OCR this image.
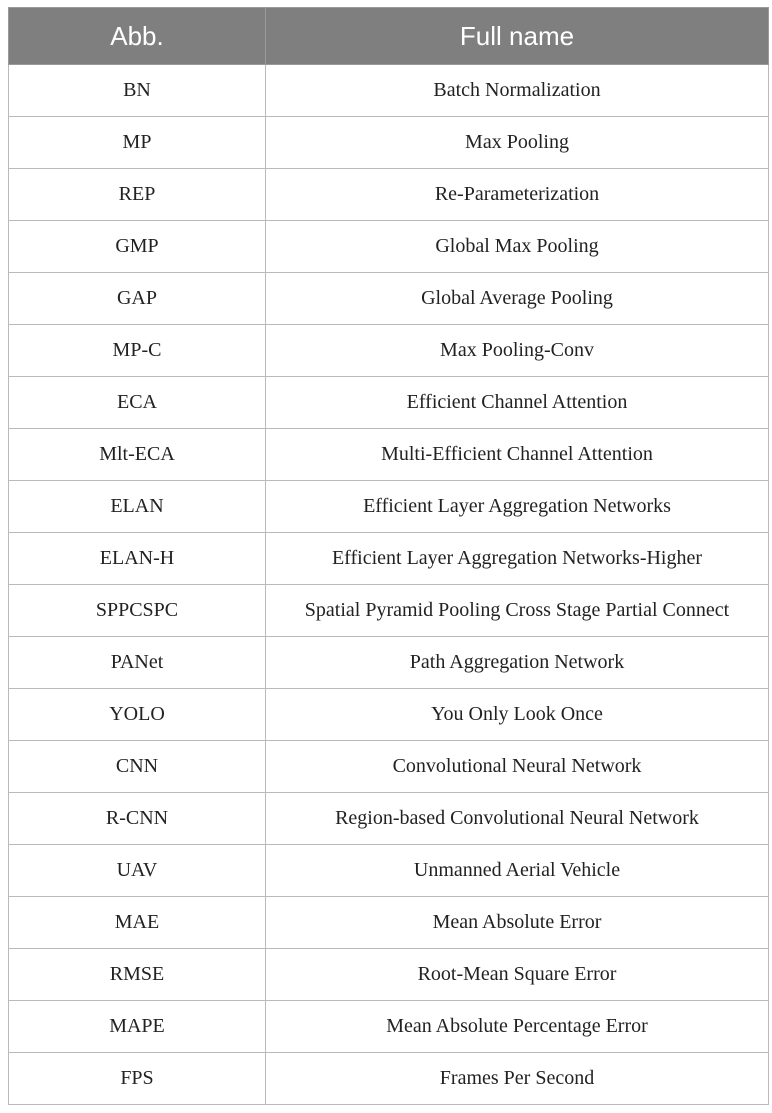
Abb.	Full name
BN	Batch Normalization
MP	Max Pooling
REP	Re-Parameterization
GMP	Global Max Pooling
GAP	Global Average Pooling
MP-C	Max Pooling-Conv
ECA	Efficient Channel Attention
Mlt-ECA	Multi-Efficient Channel Attention
ELAN	Efficient Layer Aggregation Networks
ELAN-H	Efficient Layer Aggregation Networks-Higher
SPPCSPC	Spatial Pyramid Pooling Cross Stage Partial Connect
PANet	Path Aggregation Network
YOLO	You Only Look Once
CNN	Convolutional Neural Network
R-CNN	Region-based Convolutional Neural Network
UAV	Unmanned Aerial Vehicle
MAE	Mean Absolute Error
RMSE	Root-Mean Square Error
MAPE	Mean Absolute Percentage Error
FPS	Frames Per Second
